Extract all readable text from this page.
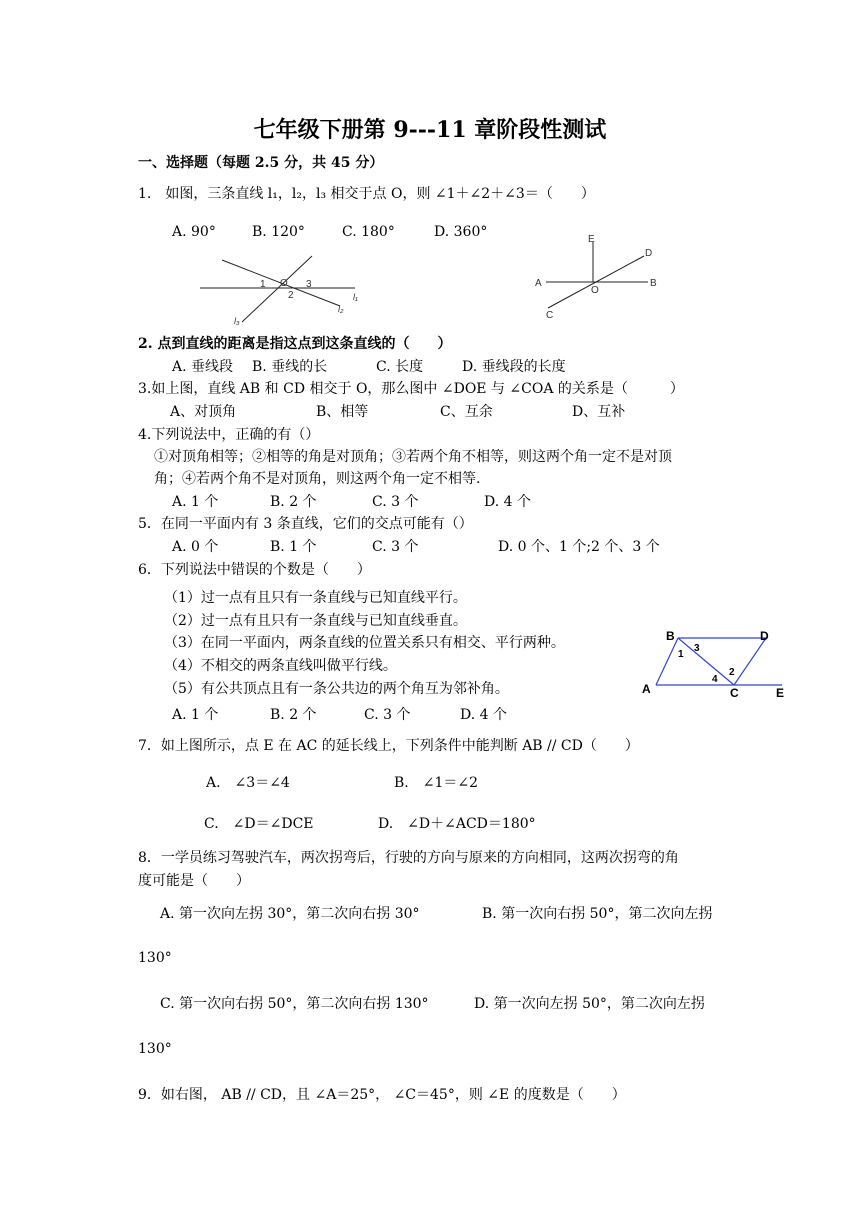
七年级下册第 9---11 章阶段性测试
一、选择题（每题 2.5 分，共 45 分）
1.　如图，三条直线 l₁，l₂，l₃ 相交于点 O，则 ∠1＋∠2＋∠3＝（　　）
A. 90°	B. 120°	C. 180°	D. 360°
1
2
3
O
l₁
l₂
l₃
E
D
A
O
B
C
2. 点到直线的距离是指这点到这条直线的（　　）
A. 垂线段 B. 垂线的长	C. 长度	D. 垂线段的长度
3.如上图，直线 AB 和 CD 相交于 O，那么图中 ∠DOE 与 ∠COA 的关系是（　　　）
A、对顶角	B、相等	C、互余	D、互补
4.下列说法中，正确的有（）
①对顶角相等；②相等的角是对顶角；③若两个角不相等，则这两个角一定不是对顶
角；④若两个角不是对顶角，则这两个角一定不相等.
A. 1 个	B. 2 个	C. 3 个	D. 4 个
5．在同一平面内有 3 条直线，它们的交点可能有（）
A. 0 个	B. 1 个	C. 3 个	D. 0 个、1 个;2 个、3 个
6．下列说法中错误的个数是（　　）
（1）过一点有且只有一条直线与已知直线平行。
（2）过一点有且只有一条直线与已知直线垂直。
（3）在同一平面内，两条直线的位置关系只有相交、平行两种。
（4）不相交的两条直线叫做平行线。
（5）有公共顶点且有一条公共边的两个角互为邻补角。
A. 1 个	B. 2 个	C. 3 个	D. 4 个
B	D
1
3
2
4
A	C	E
7．如上图所示，点 E 在 AC 的延长线上，下列条件中能判断 AB // CD（　　）
A.　∠3＝∠4	B.　∠1＝∠2
C.　∠D＝∠DCE	D.　∠D＋∠ACD＝180°
8．一学员练习驾驶汽车，两次拐弯后，行驶的方向与原来的方向相同，这两次拐弯的角
度可能是（　　）
A. 第一次向左拐 30°，第二次向右拐 30°	B. 第一次向右拐 50°，第二次向左拐
130°
C. 第一次向右拐 50°，第二次向右拐 130°	D. 第一次向左拐 50°，第二次向左拐
130°
9．如右图， AB // CD，且 ∠A＝25°， ∠C＝45°，则 ∠E 的度数是（　　）
